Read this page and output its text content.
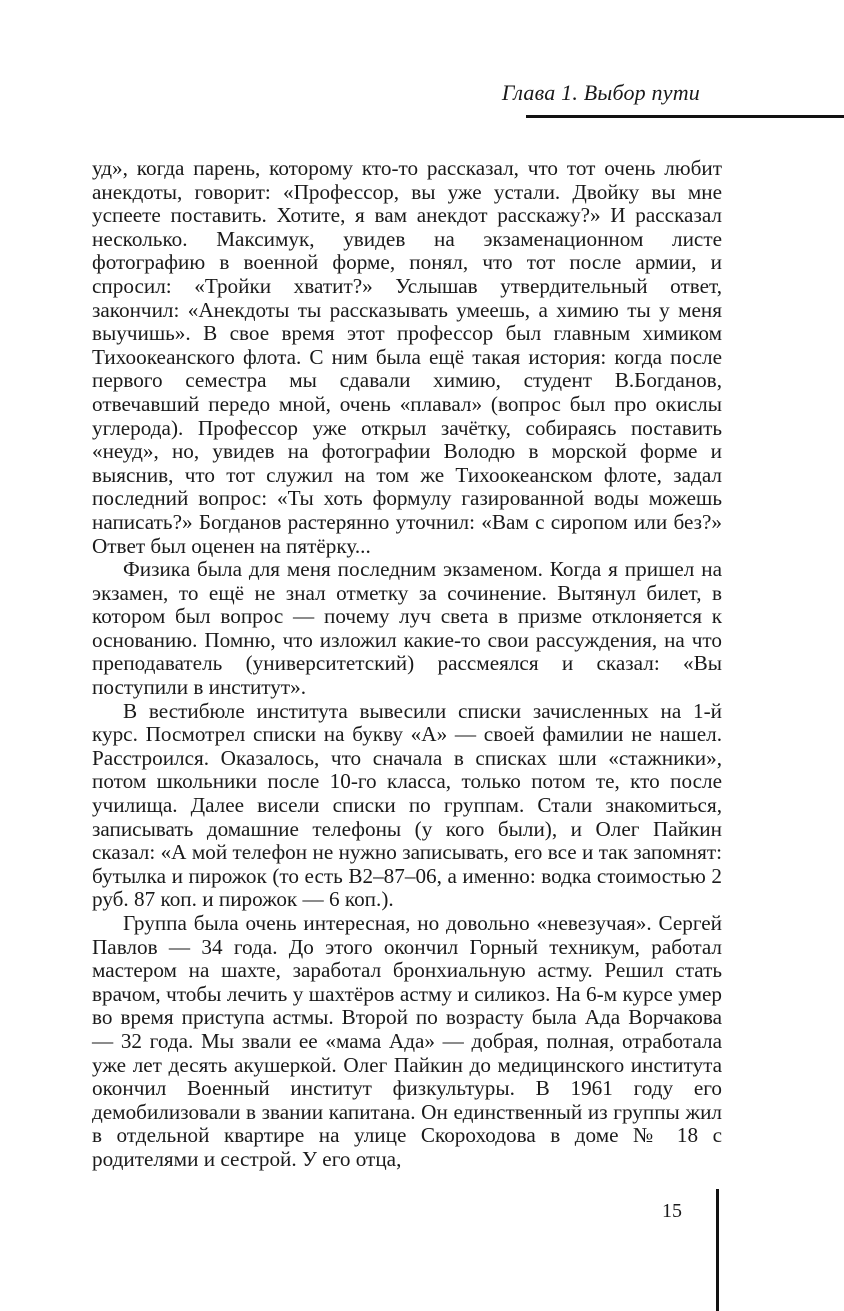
Глава 1. Выбор пути

уд», когда парень, которому кто-то рассказал, что тот очень любит анекдоты, говорит: «Профессор, вы уже устали. Двойку вы мне успеете поставить. Хотите, я вам анекдот расскажу?» И рассказал несколько. Максимук, увидев на экзаменационном листе фотографию в военной форме, понял, что тот после армии, и спросил: «Тройки хватит?» Услышав утвердительный ответ, закончил: «Анекдоты ты рассказывать умеешь, а химию ты у меня выучишь». В свое время этот профессор был главным химиком Тихоокеанского флота. С ним была ещё такая история: когда после первого семестра мы сдавали химию, студент В.Богданов, отвечавший передо мной, очень «плавал» (вопрос был про окислы углерода). Профессор уже открыл зачётку, собираясь поставить «неуд», но, увидев на фотографии Володю в морской форме и выяснив, что тот служил на том же Тихоокеанском флоте, задал последний вопрос: «Ты хоть формулу газированной воды можешь написать?» Богданов растерянно уточнил: «Вам с сиропом или без?» Ответ был оценен на пятёрку...

Физика была для меня последним экзаменом. Когда я пришел на экзамен, то ещё не знал отметку за сочинение. Вытянул билет, в котором был вопрос — почему луч света в призме отклоняется к основанию. Помню, что изложил какие-то свои рассуждения, на что преподаватель (университетский) рассмеялся и сказал: «Вы поступили в институт».

В вестибюле института вывесили списки зачисленных на 1-й курс. Посмотрел списки на букву «А» — своей фамилии не нашел. Расстроился. Оказалось, что сначала в списках шли «стажники», потом школьники после 10-го класса, только потом те, кто после училища. Далее висели списки по группам. Стали знакомиться, записывать домашние телефоны (у кого были), и Олег Пайкин сказал: «А мой телефон не нужно записывать, его все и так запомнят: бутылка и пирожок (то есть В2–87–06, а именно: водка стоимостью 2 руб. 87 коп. и пирожок — 6 коп.).

Группа была очень интересная, но довольно «невезучая». Сергей Павлов — 34 года. До этого окончил Горный техникум, работал мастером на шахте, заработал бронхиальную астму. Решил стать врачом, чтобы лечить у шахтёров астму и силикоз. На 6-м курсе умер во время приступа астмы. Второй по возрасту была Ада Ворчакова — 32 года. Мы звали ее «мама Ада» — добрая, полная, отработала уже лет десять акушеркой. Олег Пайкин до медицинского института окончил Военный институт физкультуры. В 1961 году его демобилизовали в звании капитана. Он единственный из группы жил в отдельной квартире на улице Скороходова в доме № 18 с родителями и сестрой. У его отца,

15
